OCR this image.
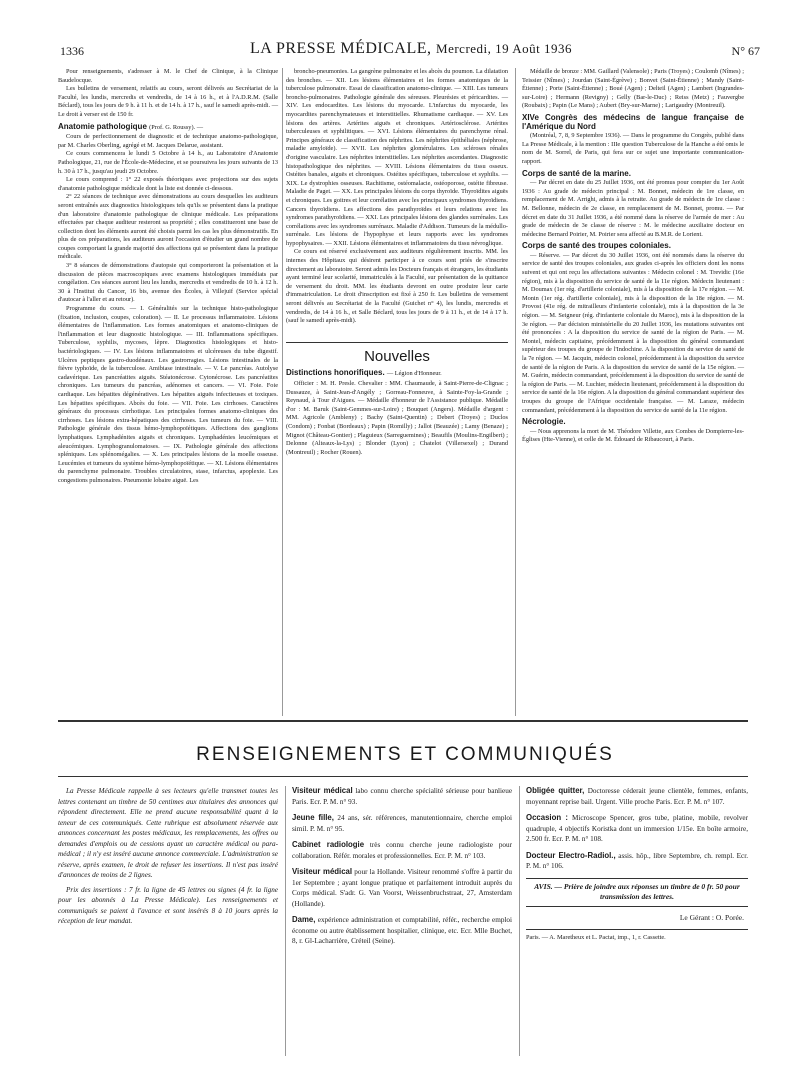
1336	LA PRESSE MÉDICALE, Mercredi, 19 Août 1936	N° 67

Pour renseignements, s'adresser à M. le Chef de Clinique, à la Clinique Baudelocque.

Les bulletins de versement, relatifs au cours, seront délivrés au Secrétariat de la Faculté, les lundis, mercredis et vendredis, de 14 à 16 h., et à l'A.D.R.M. (Salle Béclard), tous les jours de 9 h. à 11 h. et de 14 h. à 17 h., sauf le samedi après-midi. — Le droit à verser est de 150 fr.

Anatomie pathologique (Prof. G. Roussy). —

Cours de perfectionnement de diagnostic et de technique anatomo-pathologique, par M. Charles Oberling, agrégé et M. Jacques Delarue, assistant.

Ce cours commencera le lundi 5 Octobre à 14 h., au Laboratoire d'Anatomie Pathologique, 21, rue de l'École-de-Médecine, et se poursuivra les jours suivants de 13 h. 30 à 17 h., jusqu'au jeudi 29 Octobre.

Le cours comprend : 1° 22 exposés théoriques avec projections sur des sujets d'anatomie pathologique médicale dont la liste est donnée ci-dessous.

2° 22 séances de technique avec démonstrations au cours desquelles les auditeurs seront entraînés aux diagnostics histologiques tels qu'ils se présentent dans la pratique d'un laboratoire d'anatomie pathologique de clinique médicale. Les préparations effectuées par chaque auditeur resteront sa propriété ; elles constitueront une base de collection dont les éléments auront été choisis parmi les cas les plus démonstratifs. En plus de ces préparations, les auditeurs auront l'occasion d'étudier un grand nombre de coupes comportant la grande majorité des affections qui se présentent dans la pratique médicale.

3° 8 séances de démonstrations d'autopsie qui comporteront la présentation et la discussion de pièces macroscopiques avec examens histologiques immédiats par congélation. Ces séances auront lieu les lundis, mercredis et vendredis de 10 h. à 12 h. 30 à l'Institut du Cancer, 16 bis, avenue des Écoles, à Villejuif (Service spécial d'autocar à l'aller et au retour).

Programme du cours. — I. Généralités sur la technique histo-pathologique (fixation, inclusion, coupes, coloration). — II. Le processus inflammatoire. Lésions élémentaires de l'inflammation. Les formes anatomiques et anatomo-cliniques de l'inflammation et leur diagnostic histologique. — III. Inflammations spécifiques. Tuberculose, syphilis, mycoses, lèpre. Diagnostics histologiques et histo-bactériologiques. — IV. Les lésions inflammatoires et ulcéreuses du tube digestif. Ulcères peptiques gastro-duodénaux. Les gastrorragies. Lésions intestinales de la fièvre typhoïde, de la tuberculose. Amibiase intestinale. — V. Le pancréas. Autolyse cadavérique. Les pancréatites aiguës. Stéatonécrose. Cytonécrose. Les pancréatites chroniques. Les tumeurs du pancréas, adénomes et cancers. — VI. Foie. Foie cardiaque. Les hépatites dégénératives. Les hépatites aiguës infectieuses et toxiques. Les hépatites spécifiques. Abcès du foie. — VII. Foie. Les cirrhoses. Caractères généraux du processus cirrhotique. Les principales formes anatomo-cliniques des cirrhoses. Les lésions extra-hépatiques des cirrhoses. Les tumeurs du foie. — VIII. Pathologie générale des tissus hémo-lymphopoïétiques. Affections des ganglions lymphatiques. Lymphadénites aiguës et chroniques. Lymphadénies leucémiques et aleucémiques. Lymphogranulomatoses. — IX. Pathologie générale des affections spléniques. Les splénomégalies. — X. Les principales lésions de la moelle osseuse. Leucémies et tumeurs du système hémo-lymphopoïétique. — XI. Lésions élémentaires du parenchyme pulmonaire. Troubles circulatoires, stase, infarctus, apoplexie. Les congestions pulmonaires. Pneumonie lobaire aiguë. Les

broncho-pneumonies. La gangrène pulmonaire et les abcès du poumon. La dilatation des bronches. — XII. Les lésions élémentaires et les formes anatomiques de la tuberculose pulmonaire. Essai de classification anatomo-clinique. — XIII. Les tumeurs broncho-pulmonaires. Pathologie générale des séreuses. Pleurésies et péricardites. — XIV. Les endocardites. Les lésions du myocarde. L'infarctus du myocarde, les myocardites parenchymateuses et interstitielles. Rhumatisme cardiaque. — XV. Les lésions des artères. Artérites aiguës et chroniques. Artériosclérose. Artérites tuberculeuses et syphilitiques. — XVI. Lésions élémentaires du parenchyme rénal. Principes généraux de classification des néphrites. Les néphrites épithéliales (néphrose, maladie amyloïde). — XVII. Les néphrites glomérulaires. Les scléroses rénales d'origine vasculaire. Les néphrites interstitielles. Les néphrites ascendantes. Diagnostic histopathologique des néphrites. — XVIII. Lésions élémentaires du tissu osseux. Ostéites banales, aiguës et chroniques. Ostéites spécifiques, tuberculose et syphilis. — XIX. Le dystrophies osseuses. Rachitisme, ostéomalacie, ostéoporose, ostéite fibreuse. Maladie de Paget. — XX. Les principales lésions du corps thyroïde. Thyroïdites aiguës et chroniques. Les goitres et leur corrélation avec les principaux syndromes thyroïdiens. Cancers thyroïdiens. Les affections des parathyroïdes et leurs relations avec les syndromes parathyroïdiens. — XXI. Les principales lésions des glandes surrénales. Les corrélations avec les syndromes surrénaux. Maladie d'Addison. Tumeurs de la médullo-surrénale. Les lésions de l'hypophyse et leurs rapports avec les syndromes hypophysaires. — XXII. Lésions élémentaires et inflammatoires du tissu névroglique.

Ce cours est réservé exclusivement aux auditeurs régulièrement inscrits. MM. les internes des Hôpitaux qui désirent participer à ce cours sont priés de s'inscrire directement au laboratoire. Seront admis les Docteurs français et étrangers, les étudiants ayant terminé leur scolarité, immatriculés à la Faculté, sur présentation de la quittance de versement du droit. MM. les étudiants devront en outre produire leur carte d'immatriculation. Le droit d'inscription est fixé à 250 fr. Les bulletins de versement seront délivrés au Secrétariat de la Faculté (Guichet n° 4), les lundis, mercredis et vendredis, de 14 à 16 h., et Salle Béclard, tous les jours de 9 à 11 h., et de 14 à 17 h. (sauf le samedi après-midi).

Nouvelles
Distinctions honorifiques. — Légion d'Honneur.

Officier : M. H. Presle. Chevalier : MM. Chaumaude, à Saint-Pierre-de-Clignac ; Dussauze, à Saint-Jean-d'Angély ; Gorreau-Fonneuve, à Sainte-Foy-la-Grande ; Reynaud, à Tour d'Aigues. — Médaille d'honneur de l'Assistance publique. Médaille d'or : M. Baruk (Saint-Gemmes-sur-Loire) ; Bouquet (Angers). Médaille d'argent : MM. Agricole (Ambleny) ; Bachy (Saint-Quentin) ; Debert (Troyes) ; Duclos (Condom) ; Fonbat (Bordeaux) ; Papin (Romilly) ; Jallot (Beauzée) ; Lamy (Benaze) ; Mignot (Château-Gontier) ; Plaguieux (Sarreguemines) ; Beaufils (Moulins-Engilbert) ; Delonne (Alteaux-la-Lys) ; Blonder (Lyon) ; Chatelot (Villersexel) ; Durand (Montreuil) ; Rocher (Rouen).

Médaille de bronze : MM. Gaillard (Valensole) ; Paris (Troyes) ; Coulomb (Nîmes) ; Teissier (Nîmes) ; Jourdan (Saint-Égrève) ; Bonvet (Saint-Étienne) ; Mandy (Saint-Étienne) ; Porte (Saint-Étienne) ; Boué (Agen) ; Delteil (Agen) ; Lambert (Ingrandes-sur-Loire) ; Hermann (Revigny) ; Gelly (Bar-le-Duc) ; Reiss (Metz) ; Fauvergbe (Roubaix) ; Papin (Le Mans) ; Aubert (Bry-sur-Marne) ; Larigaudry (Montreuil).

XIVe Congrès des médecins de langue française de l'Amérique du Nord

(Montréal, 7, 8, 9 Septembre 1936). — Dans le programme du Congrès, publié dans La Presse Médicale, à la mention : IIIe question Tuberculose de la Hanche a été omis le nom de M. Sorrel, de Paris, qui fera sur ce sujet une importante communication-rapport.

Corps de santé de la marine.

— Par décret en date du 25 Juillet 1936, ont été promus pour compter du 1er Août 1936 : Au grade de médecin principal : M. Bonnet, médecin de 1re classe, en remplacement de M. Arrighi, admis à la retraite. Au grade de médecin de 1re classe : M. Bellonne, médecin de 2e classe, en remplacement de M. Bonnet, promu. — Par décret en date du 31 Juillet 1936, a été nommé dans la réserve de l'armée de mer : Au grade de médecin de 3e classe de réserve : M. le médecine auxiliaire docteur en médecine Bernard Poirier, M. Poirier sera affecté au B.M.R. de Lorient.

Corps de santé des troupes coloniales.

— Réserve. — Par décret du 30 Juillet 1936, ont été nommés dans la réserve du service de santé des troupes coloniales, aux grades ci-après les officiers dont les noms suivent et qui ont reçu les affectations suivantes : Médecin colonel : M. Trevidic (16e région), mis à la disposition du service de santé de la 11e région. Médecin lieutenant : M. Doumax (1er rég. d'artillerie coloniale), mis à la disposition de la 17e région. — M. Monin (1er rég. d'artillerie coloniale), mis à la disposition de la 18e région. — M. Provost (41e rég. de mitrailleurs d'infanterie coloniale), mis à la disposition de la 3e région. — M. Seigneur (rég. d'infanterie coloniale du Maroc), mis à la disposition de la 3e région. — Par décision ministérielle du 20 Juillet 1936, les mutations suivantes ont été prononcées : A la disposition du service de santé de la région de Paris. — M. Montel, médecin capitaine, précédemment à la disposition du général commandant supérieur des troupes du groupe de l'Indochine. A la disposition du service de santé de la 7e région. — M. Jacquin, médecin colonel, précédemment à la disposition du service de santé de la région de Paris. A la disposition du service de santé de la 15e région. — M. Guérin, médecin commandant, précédemment à la disposition du service de santé de la région de Paris. — M. Luchier, médecin lieutenant, précédemment à la disposition du service de santé de la 16e région. A la disposition du général commandant supérieur des troupes du groupe de l'Afrique occidentale française. — M. Laraze, médecin commandant, précédemment à la disposition du service de santé de la 11e région.

Nécrologie.

— Nous apprenons la mort de M. Théodore Villette, aux Combes de Dompierre-les-Églises (Hte-Vienne), et celle de M. Édouard de Ribaucourt, à Paris.

RENSEIGNEMENTS ET COMMUNIQUÉS

La Presse Médicale rappelle à ses lecteurs qu'elle transmet toutes les lettres contenant un timbre de 50 centimes aux titulaires des annonces qui répondent directement. Elle ne prend aucune responsabilité quant à la teneur de ces communiqués. Cette rubrique est absolument réservée aux annonces concernant les postes médicaux, les remplacements, les offres ou demandes d'emplois ou de cessions ayant un caractère médical ou para-médical ; il n'y est inséré aucune annonce commerciale. L'administration se réserve, après examen, le droit de refuser les insertions. Il n'est pas inséré d'annonces de moins de 2 lignes.

Prix des insertions : 7 fr. la ligne de 45 lettres ou signes (4 fr. la ligne pour les abonnés à La Presse Médicale). Les renseignements et communiqués se paient à l'avance et sont insérés 8 à 10 jours après la réception de leur mandat.

Visiteur médical labo connu cherche spécialité sérieuse pour banlieue Paris. Ecr. P. M. n° 93.
Jeune fille, 24 ans, sér. références, manutentionnaire, cherche emploi simil. P. M. n° 95.
Cabinet radiologie très connu cherche jeune radiologiste pour collaboration. Référ. morales et professionnelles. Ecr. P. M. n° 103.
Visiteur médical pour la Hollande. Visiteur renommé s'offre à partir du 1er Septembre ; ayant longue pratique et parfaitement introduit auprès du Corps médical. S'adr. G. Van Voorst, Weissenbruchstraat, 27, Amsterdam (Hollande).
Dame, expérience administration et comptabilité, référ., recherche emploi économe ou autre établissement hospitalier, clinique, etc. Ecr. Mlle Buchet, 8, r. Gl-Lacharrière, Créteil (Seine).
Obligée quitter, Doctoresse céderait jeune clientèle, femmes, enfants, moyennant reprise bail. Urgent. Ville proche Paris. Ecr. P. M. n° 107.
Occasion : Microscope Spencer, gros tube, platine, mobile, revolver quadruple, 4 objectifs Koristka dont un immersion 1/15e. En boîte armoire, 2.500 fr. Ecr. P. M. n° 108.
Docteur Electro-Radiol., assis. hôp., libre Septembre, ch. rempl. Ecr. P. M. n° 106.
AVIS. — Prière de joindre aux réponses un timbre de 0 fr. 50 pour transmission des lettres.
Le Gérant : O. Porée.
Paris. — A. Maretheux et L. Pactat, imp., 1, r. Cassette.
